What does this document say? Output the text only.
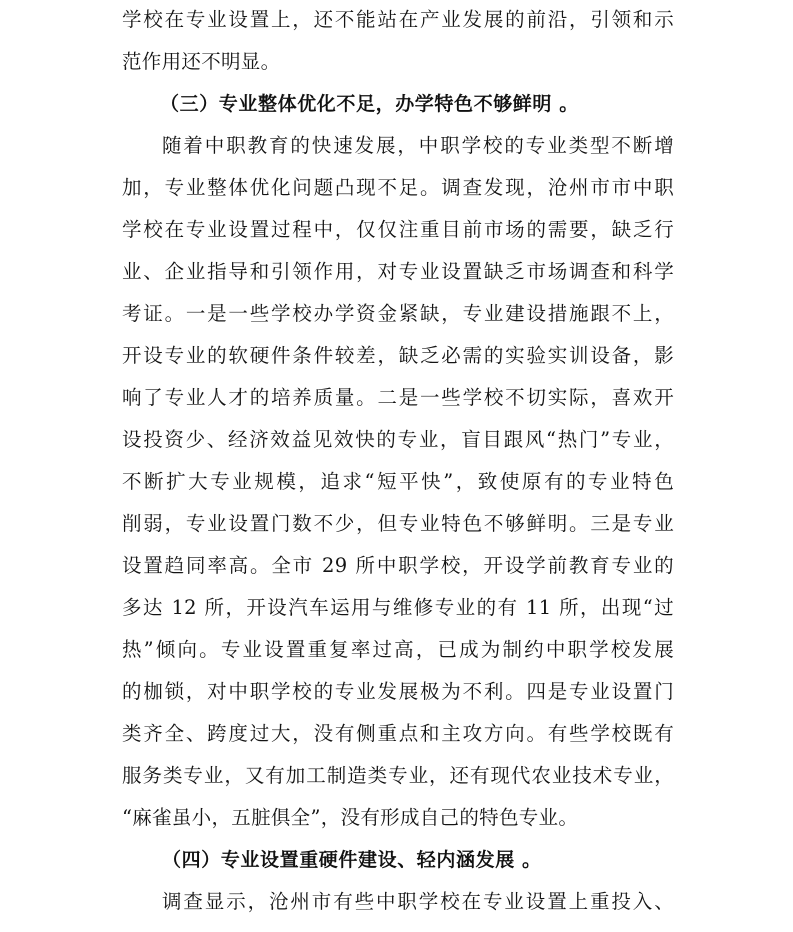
学校在专业设置上，还不能站在产业发展的前沿，引领和示
范作用还不明显。
（三）专业整体优化不足，办学特色不够鲜明 。
随着中职教育的快速发展，中职学校的专业类型不断增
加，专业整体优化问题凸现不足。调查发现，沧州市市中职
学校在专业设置过程中，仅仅注重目前市场的需要，缺乏行
业、企业指导和引领作用，对专业设置缺乏市场调查和科学
考证。一是一些学校办学资金紧缺，专业建设措施跟不上，
开设专业的软硬件条件较差，缺乏必需的实验实训设备，影
响了专业人才的培养质量。二是一些学校不切实际，喜欢开
设投资少、经济效益见效快的专业，盲目跟风“热门”专业，
不断扩大专业规模，追求“短平快”，致使原有的专业特色
削弱，专业设置门数不少，但专业特色不够鲜明。三是专业
设置趋同率高。全市 29 所中职学校，开设学前教育专业的
多达 12 所，开设汽车运用与维修专业的有 11 所，出现“过
热”倾向。专业设置重复率过高，已成为制约中职学校发展
的枷锁，对中职学校的专业发展极为不利。四是专业设置门
类齐全、跨度过大，没有侧重点和主攻方向。有些学校既有
服务类专业，又有加工制造类专业，还有现代农业技术专业，
“麻雀虽小，五脏俱全”，没有形成自己的特色专业。
（四）专业设置重硬件建设、轻内涵发展 。
调查显示，沧州市有些中职学校在专业设置上重投入、
